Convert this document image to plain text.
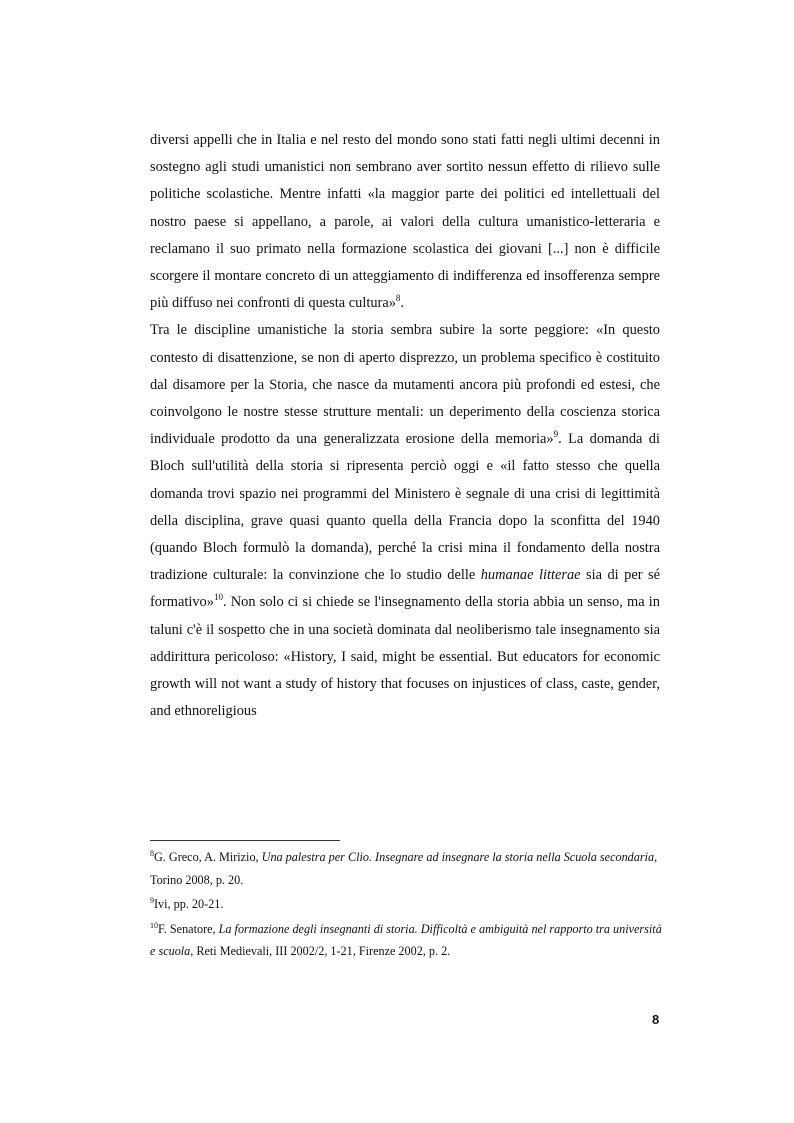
diversi appelli che in Italia e nel resto del mondo sono stati fatti negli ultimi decenni in sostegno agli studi umanistici non sembrano aver sortito nessun effetto di rilievo sulle politiche scolastiche. Mentre infatti «la maggior parte dei politici ed intellettuali del nostro paese si appellano, a parole, ai valori della cultura umanistico-letteraria e reclamano il suo primato nella formazione scolastica dei giovani [...] non è difficile scorgere il montare concreto di un atteggiamento di indifferenza ed insofferenza sempre più diffuso nei confronti di questa cultura»$^8$.

Tra le discipline umanistiche la storia sembra subire la sorte peggiore: «In questo contesto di disattenzione, se non di aperto disprezzo, un problema specifico è costituito dal disamore per la Storia, che nasce da mutamenti ancora più profondi ed estesi, che coinvolgono le nostre stesse strutture mentali: un deperimento della coscienza storica individuale prodotto da una generalizzata erosione della memoria»$^9$. La domanda di Bloch sull'utilità della storia si ripresenta perciò oggi e «il fatto stesso che quella domanda trovi spazio nei programmi del Ministero è segnale di una crisi di legittimità della disciplina, grave quasi quanto quella della Francia dopo la sconfitta del 1940 (quando Bloch formulò la domanda), perché la crisi mina il fondamento della nostra tradizione culturale: la convinzione che lo studio delle humanae litterae sia di per sé formativo»$^{10}$. Non solo ci si chiede se l'insegnamento della storia abbia un senso, ma in taluni c'è il sospetto che in una società dominata dal neoliberismo tale insegnamento sia addirittura pericoloso: «History, I said, might be essential. But educators for economic growth will not want a study of history that focuses on injustices of class, caste, gender, and ethnoreligious

$^8$G. Greco, A. Mirizio, Una palestra per Clio. Insegnare ad insegnare la storia nella Scuola secondaria, Torino 2008, p. 20.

$^9$Ivi, pp. 20-21.

$^{10}$F. Senatore, La formazione degli insegnanti di storia. Difficoltà e ambiguità nel rapporto tra università e scuola, Reti Medievali, III 2002/2, 1-21, Firenze 2002, p. 2.

8
